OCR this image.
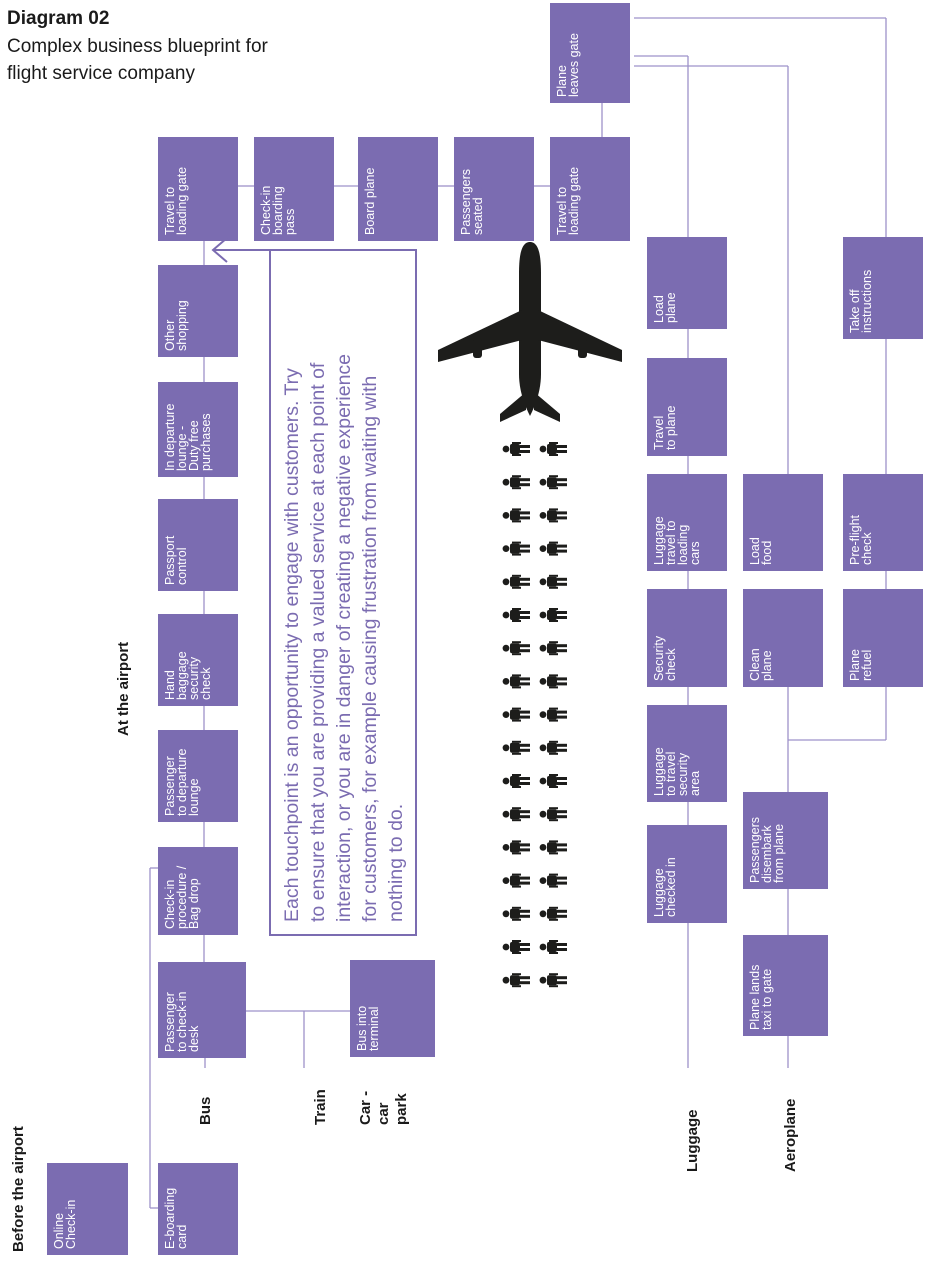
OnlineCheck-in	E-boardingcard
Passengerto check-indesk	Bus intoterminal
Check-inprocedure /Bag drop
Passengerto departurelounge
Handbaggagesecuritycheck
Passportcontrol
In departurelounge -Duty freepurchases
Othershopping
Travel toloading gate	Check-inboardingpass	Board plane	Passengersseated	Travel toloading gate
Planeleaves gate
Loadplane
Travelto plane
Luggagetravel toloadingcars
Securitycheck
Luggageto travelsecurityarea
Luggagechecked in
Loadfood
Cleanplane
Passengersdisembarkfrom plane
Plane landstaxi to gate
Take offinstructions
Pre-flightcheck
Planerefuel
Each touchpoint is an opportunity to engage with customers. Try to ensure that you are providing a valued service at each point of interaction, or you are in danger of creating a negative experience for customers, for example causing frustration from waiting with nothing to do.
Before the airport
At the airport
Bus	Train Car -carpark
Luggage	Aeroplane
Diagram 02
Complex business blueprint for
flight service company
